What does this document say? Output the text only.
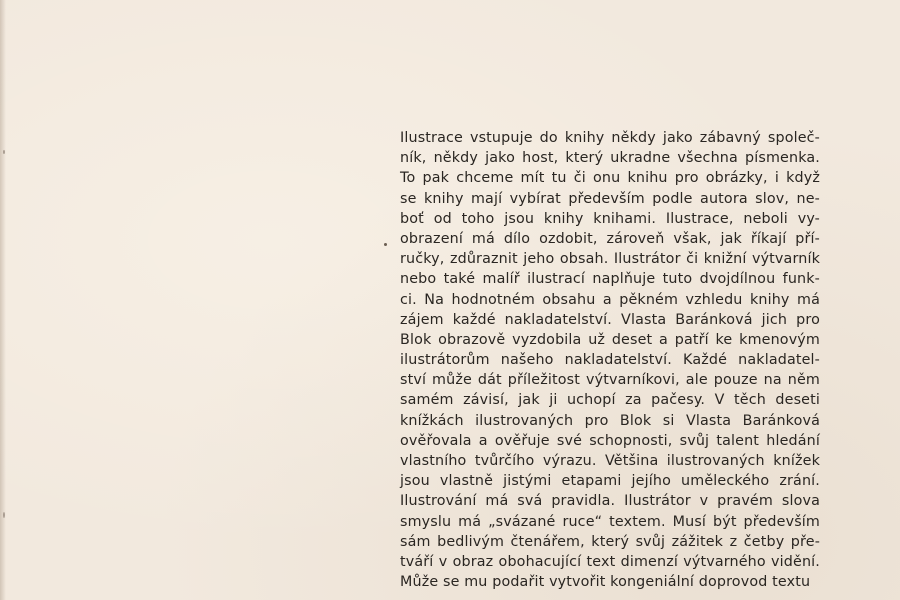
Ilustrace vstupuje do knihy někdy jako zábavný společ-
ník, někdy jako host, který ukradne všechna písmenka.
To pak chceme mít tu či onu knihu pro obrázky, i když
se knihy mají vybírat především podle autora slov, ne-
boť od toho jsou knihy knihami. Ilustrace, neboli vy-
obrazení má dílo ozdobit, zároveň však, jak říkají pří-
ručky, zdůraznit jeho obsah. Ilustrátor či knižní výtvarník
nebo také malíř ilustrací naplňuje tuto dvojdílnou funk-
ci. Na hodnotném obsahu a pěkném vzhledu knihy má
zájem každé nakladatelství. Vlasta Baránková jich pro
Blok obrazově vyzdobila už deset a patří ke kmenovým
ilustrátorům našeho nakladatelství. Každé nakladatel-
ství může dát příležitost výtvarníkovi, ale pouze na něm
samém závisí, jak ji uchopí za pačesy. V těch deseti
knížkách ilustrovaných pro Blok si Vlasta Baránková
ověřovala a ověřuje své schopnosti, svůj talent hledání
vlastního tvůrčího výrazu. Většina ilustrovaných knížek
jsou vlastně jistými etapami jejího uměleckého zrání.
Ilustrování má svá pravidla. Ilustrátor v pravém slova
smyslu má „svázané ruce“ textem. Musí být především
sám bedlivým čtenářem, který svůj zážitek z četby pře-
tváří v obraz obohacující text dimenzí výtvarného vidění.
Může se mu podařit vytvořit kongeniální doprovod textu
